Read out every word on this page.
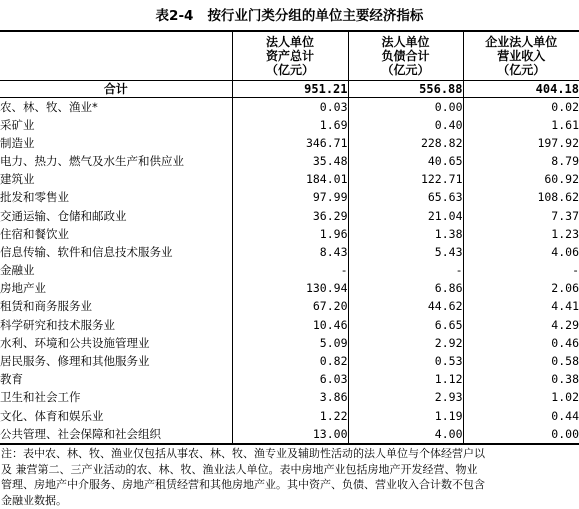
表2-4 按行业门类分组的单位主要经济指标

	法人单位
资产总计
（亿元）	法人单位
负债合计
（亿元）	企业法人单位
营业收入
（亿元）

合计	951.21	556.88	404.18
农、林、牧、渔业*	0.03	0.00	0.02
采矿业	1.69	0.40	1.61
制造业	346.71	228.82	197.92
电力、热力、燃气及水生产和供应业	35.48	40.65	8.79
建筑业	184.01	122.71	60.92
批发和零售业	97.99	65.63	108.62
交通运输、仓储和邮政业	36.29	21.04	7.37
住宿和餐饮业	1.96	1.38	1.23
信息传输、软件和信息技术服务业	8.43	5.43	4.06
金融业	-	-	-
房地产业	130.94	6.86	2.06
租赁和商务服务业	67.20	44.62	4.41
科学研究和技术服务业	10.46	6.65	4.29
水利、环境和公共设施管理业	5.09	2.92	0.46
居民服务、修理和其他服务业	0.82	0.53	0.58
教育	6.03	1.12	0.38
卫生和社会工作	3.86	2.93	1.02
文化、体育和娱乐业	1.22	1.19	0.44
公共管理、社会保障和社会组织	13.00	4.00	0.00

注：表中农、林、牧、渔业仅包括从事农、林、牧、渔专业及辅助性活动的法人单位与个体经营户以

及 兼营第二、三产业活动的农、林、牧、渔业法人单位。表中房地产业包括房地产开发经营、物业

管理、房地产中介服务、房地产租赁经营和其他房地产业。其中资产、负债、营业收入合计数不包含

金融业数据。
